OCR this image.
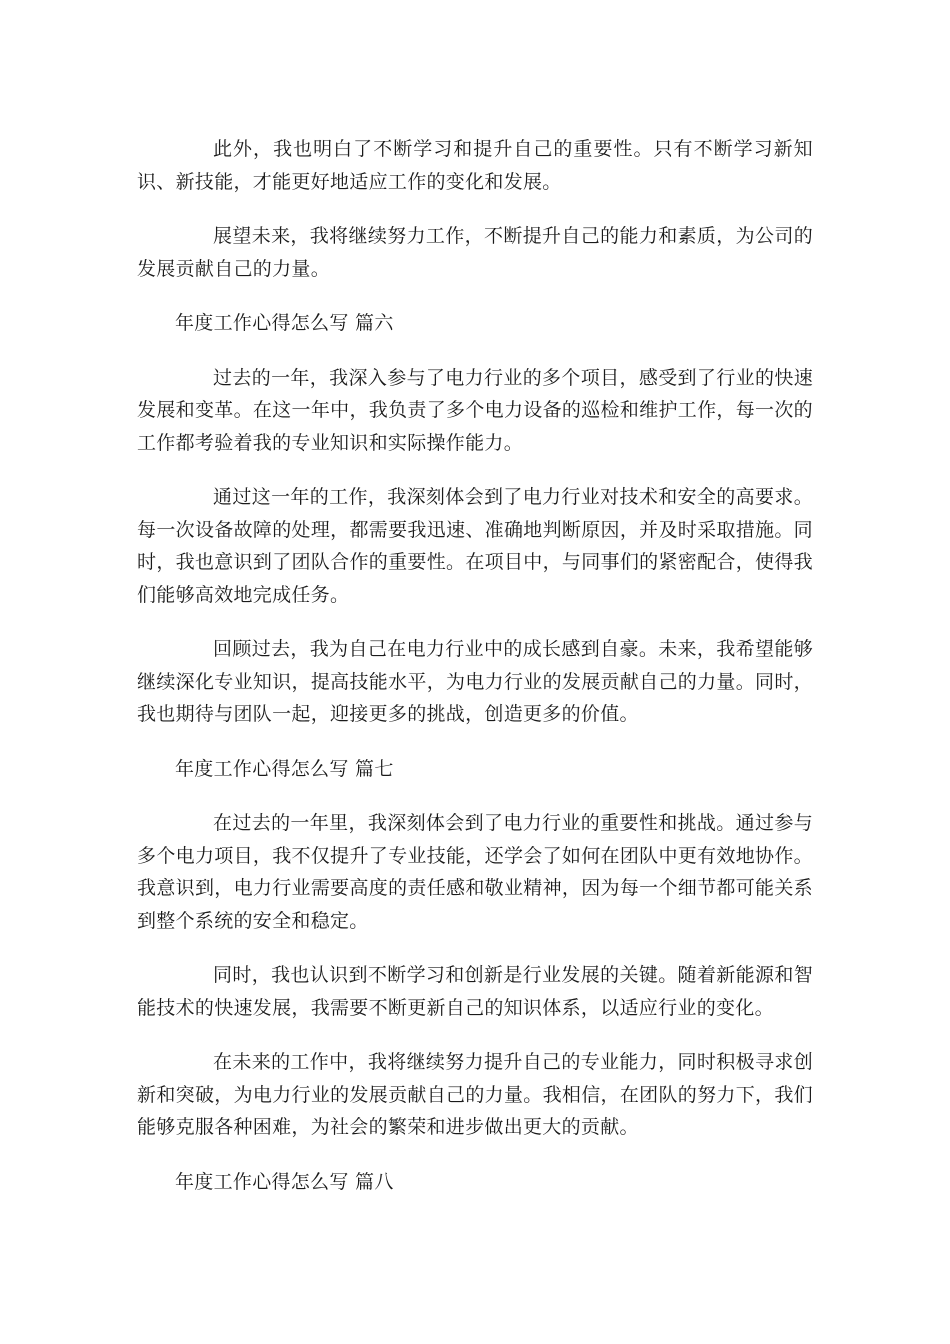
此外，我也明白了不断学习和提升自己的重要性。只有不断学习新知识、新技能，才能更好地适应工作的变化和发展。

展望未来，我将继续努力工作，不断提升自己的能力和素质，为公司的发展贡献自己的力量。

年度工作心得怎么写 篇六

过去的一年，我深入参与了电力行业的多个项目，感受到了行业的快速发展和变革。在这一年中，我负责了多个电力设备的巡检和维护工作，每一次的工作都考验着我的专业知识和实际操作能力。

通过这一年的工作，我深刻体会到了电力行业对技术和安全的高要求。每一次设备故障的处理，都需要我迅速、准确地判断原因，并及时采取措施。同时，我也意识到了团队合作的重要性。在项目中，与同事们的紧密配合，使得我们能够高效地完成任务。

回顾过去，我为自己在电力行业中的成长感到自豪。未来，我希望能够继续深化专业知识，提高技能水平，为电力行业的发展贡献自己的力量。同时，我也期待与团队一起，迎接更多的挑战，创造更多的价值。

年度工作心得怎么写 篇七

在过去的一年里，我深刻体会到了电力行业的重要性和挑战。通过参与多个电力项目，我不仅提升了专业技能，还学会了如何在团队中更有效地协作。我意识到，电力行业需要高度的责任感和敬业精神，因为每一个细节都可能关系到整个系统的安全和稳定。

同时，我也认识到不断学习和创新是行业发展的关键。随着新能源和智能技术的快速发展，我需要不断更新自己的知识体系，以适应行业的变化。

在未来的工作中，我将继续努力提升自己的专业能力，同时积极寻求创新和突破，为电力行业的发展贡献自己的力量。我相信，在团队的努力下，我们能够克服各种困难，为社会的繁荣和进步做出更大的贡献。

年度工作心得怎么写 篇八
